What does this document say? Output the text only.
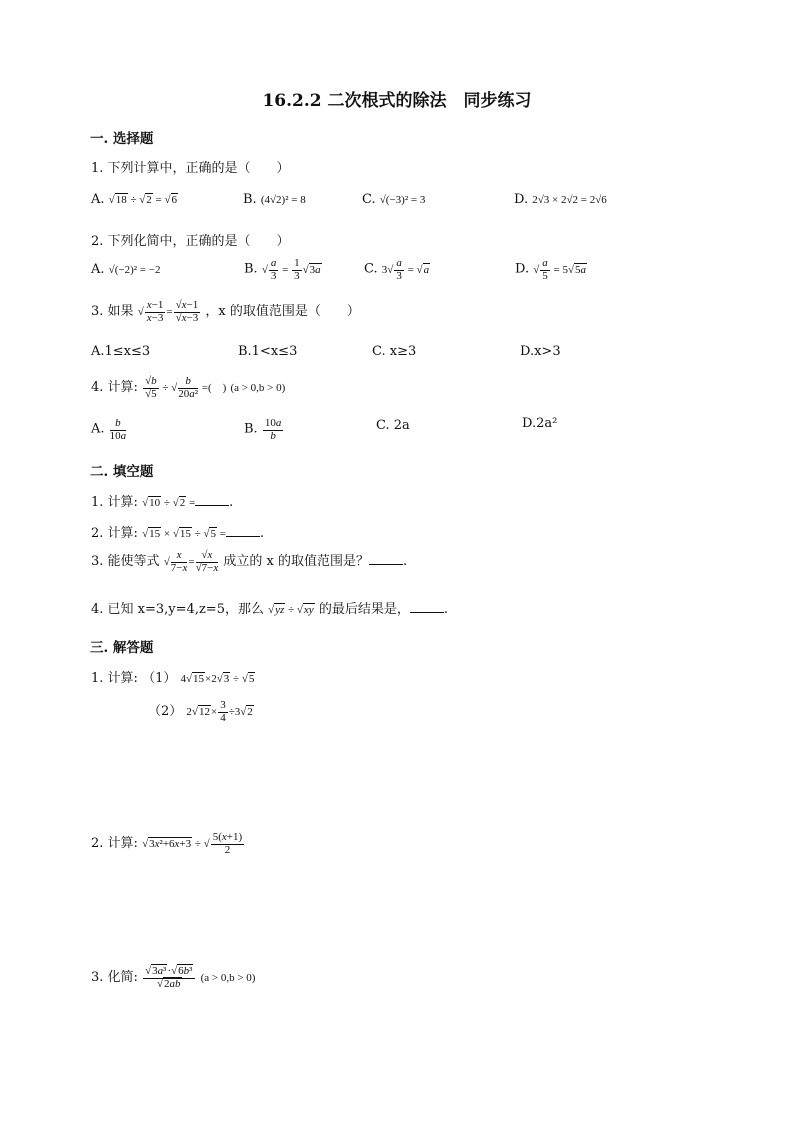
16.2.2 二次根式的除法　同步练习
一. 选择题
1. 下列计算中，正确的是（　　）
A. √18 ÷ √2 = √6	B. (4√2)² = 8	C. √(−3)² = 3	D. 2√3 × 2√2 = 2√6
2. 下列化简中，正确的是（　　）
A. √(−2)² = −2	B. √ $\frac{a}{3} = \frac{1}{3} √3a$	C. $3√ \frac{a}{3} = √a$	D. √ $\frac{a}{5} = 5√5a$
3. 如果 √ $\frac{x-1}{x-3} = \frac{√x-1}{√x-3}$ ，x 的取值范围是（　　）
A.1≤x≤3	B.1<x≤3	C. x≥3	D.x>3
4. 计算: $\frac{√b}{√5}$ ÷ √ $\frac{b}{\text{20a²}}$ =(　) (a > 0,b > 0)
A. $\frac{b}{10a}$	B. $\frac{10a}{b}$	C. 2a	D.2a²
二. 填空题
1. 计算: √10 ÷ √2 =	.
2. 计算: √15 × √15 ÷ √5 =	.
3. 能使等式 √ $\frac{x}{7-x} = \frac{√x}{√7-x}$ 成立的 x 的取值范围是？	.
4. 已知 x=3,y=4,z=5，那么 √yz ÷ √xy 的最后结果是，	.
三. 解答题
1. 计算: （1） 4√15×2√3 ÷ √5
（2） $2√12\times \frac{3}{4} \div 3√2$
2. 计算: √3x²+6x+3 ÷ √ $\frac{5(x+1)}{2}$
3. 化简: $\frac{\text{√3a³·√6b³}}{√2ab} (a > 0,b > 0)$
